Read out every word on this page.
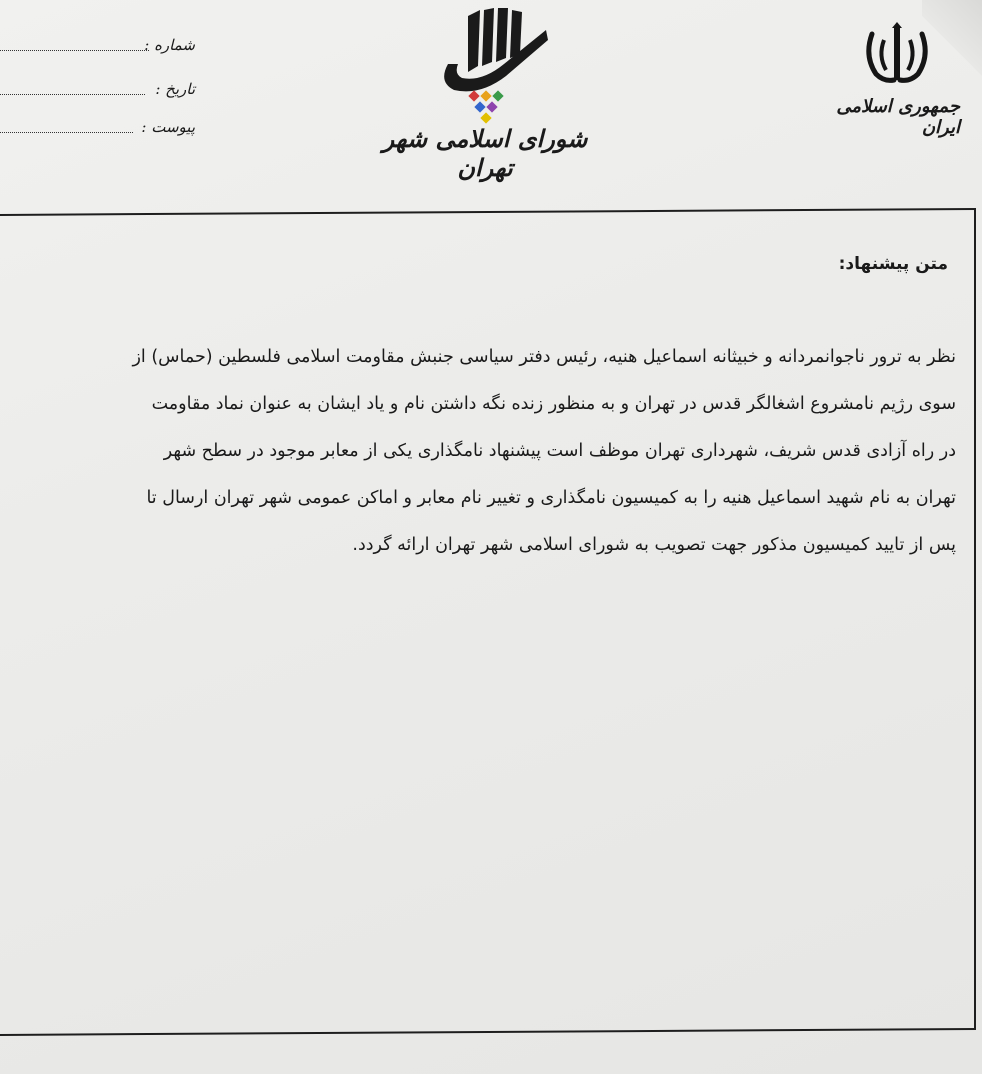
جمهوری اسلامی ایران
شورای اسلامی شهر تهران
شماره :
تاریخ :
پیوست :
متن پیشنهاد:
نظر به ترور ناجوانمردانه و خبیثانه اسماعیل هنیه، رئیس دفتر سیاسی جنبش مقاومت اسلامی فلسطین (حماس) از
سوی رژیم نامشروع اشغالگر قدس در تهران و به منظور زنده نگه داشتن نام و یاد ایشان به عنوان نماد مقاومت
در راه آزادی قدس شریف، شهرداری تهران موظف است پیشنهاد نامگذاری یکی از معابر موجود در سطح شهر
تهران به نام شهید اسماعیل هنیه را به کمیسیون نامگذاری و تغییر نام معابر و اماکن عمومی شهر تهران ارسال تا
پس از تایید کمیسیون مذکور جهت تصویب به شورای اسلامی شهر تهران ارائه گردد.
